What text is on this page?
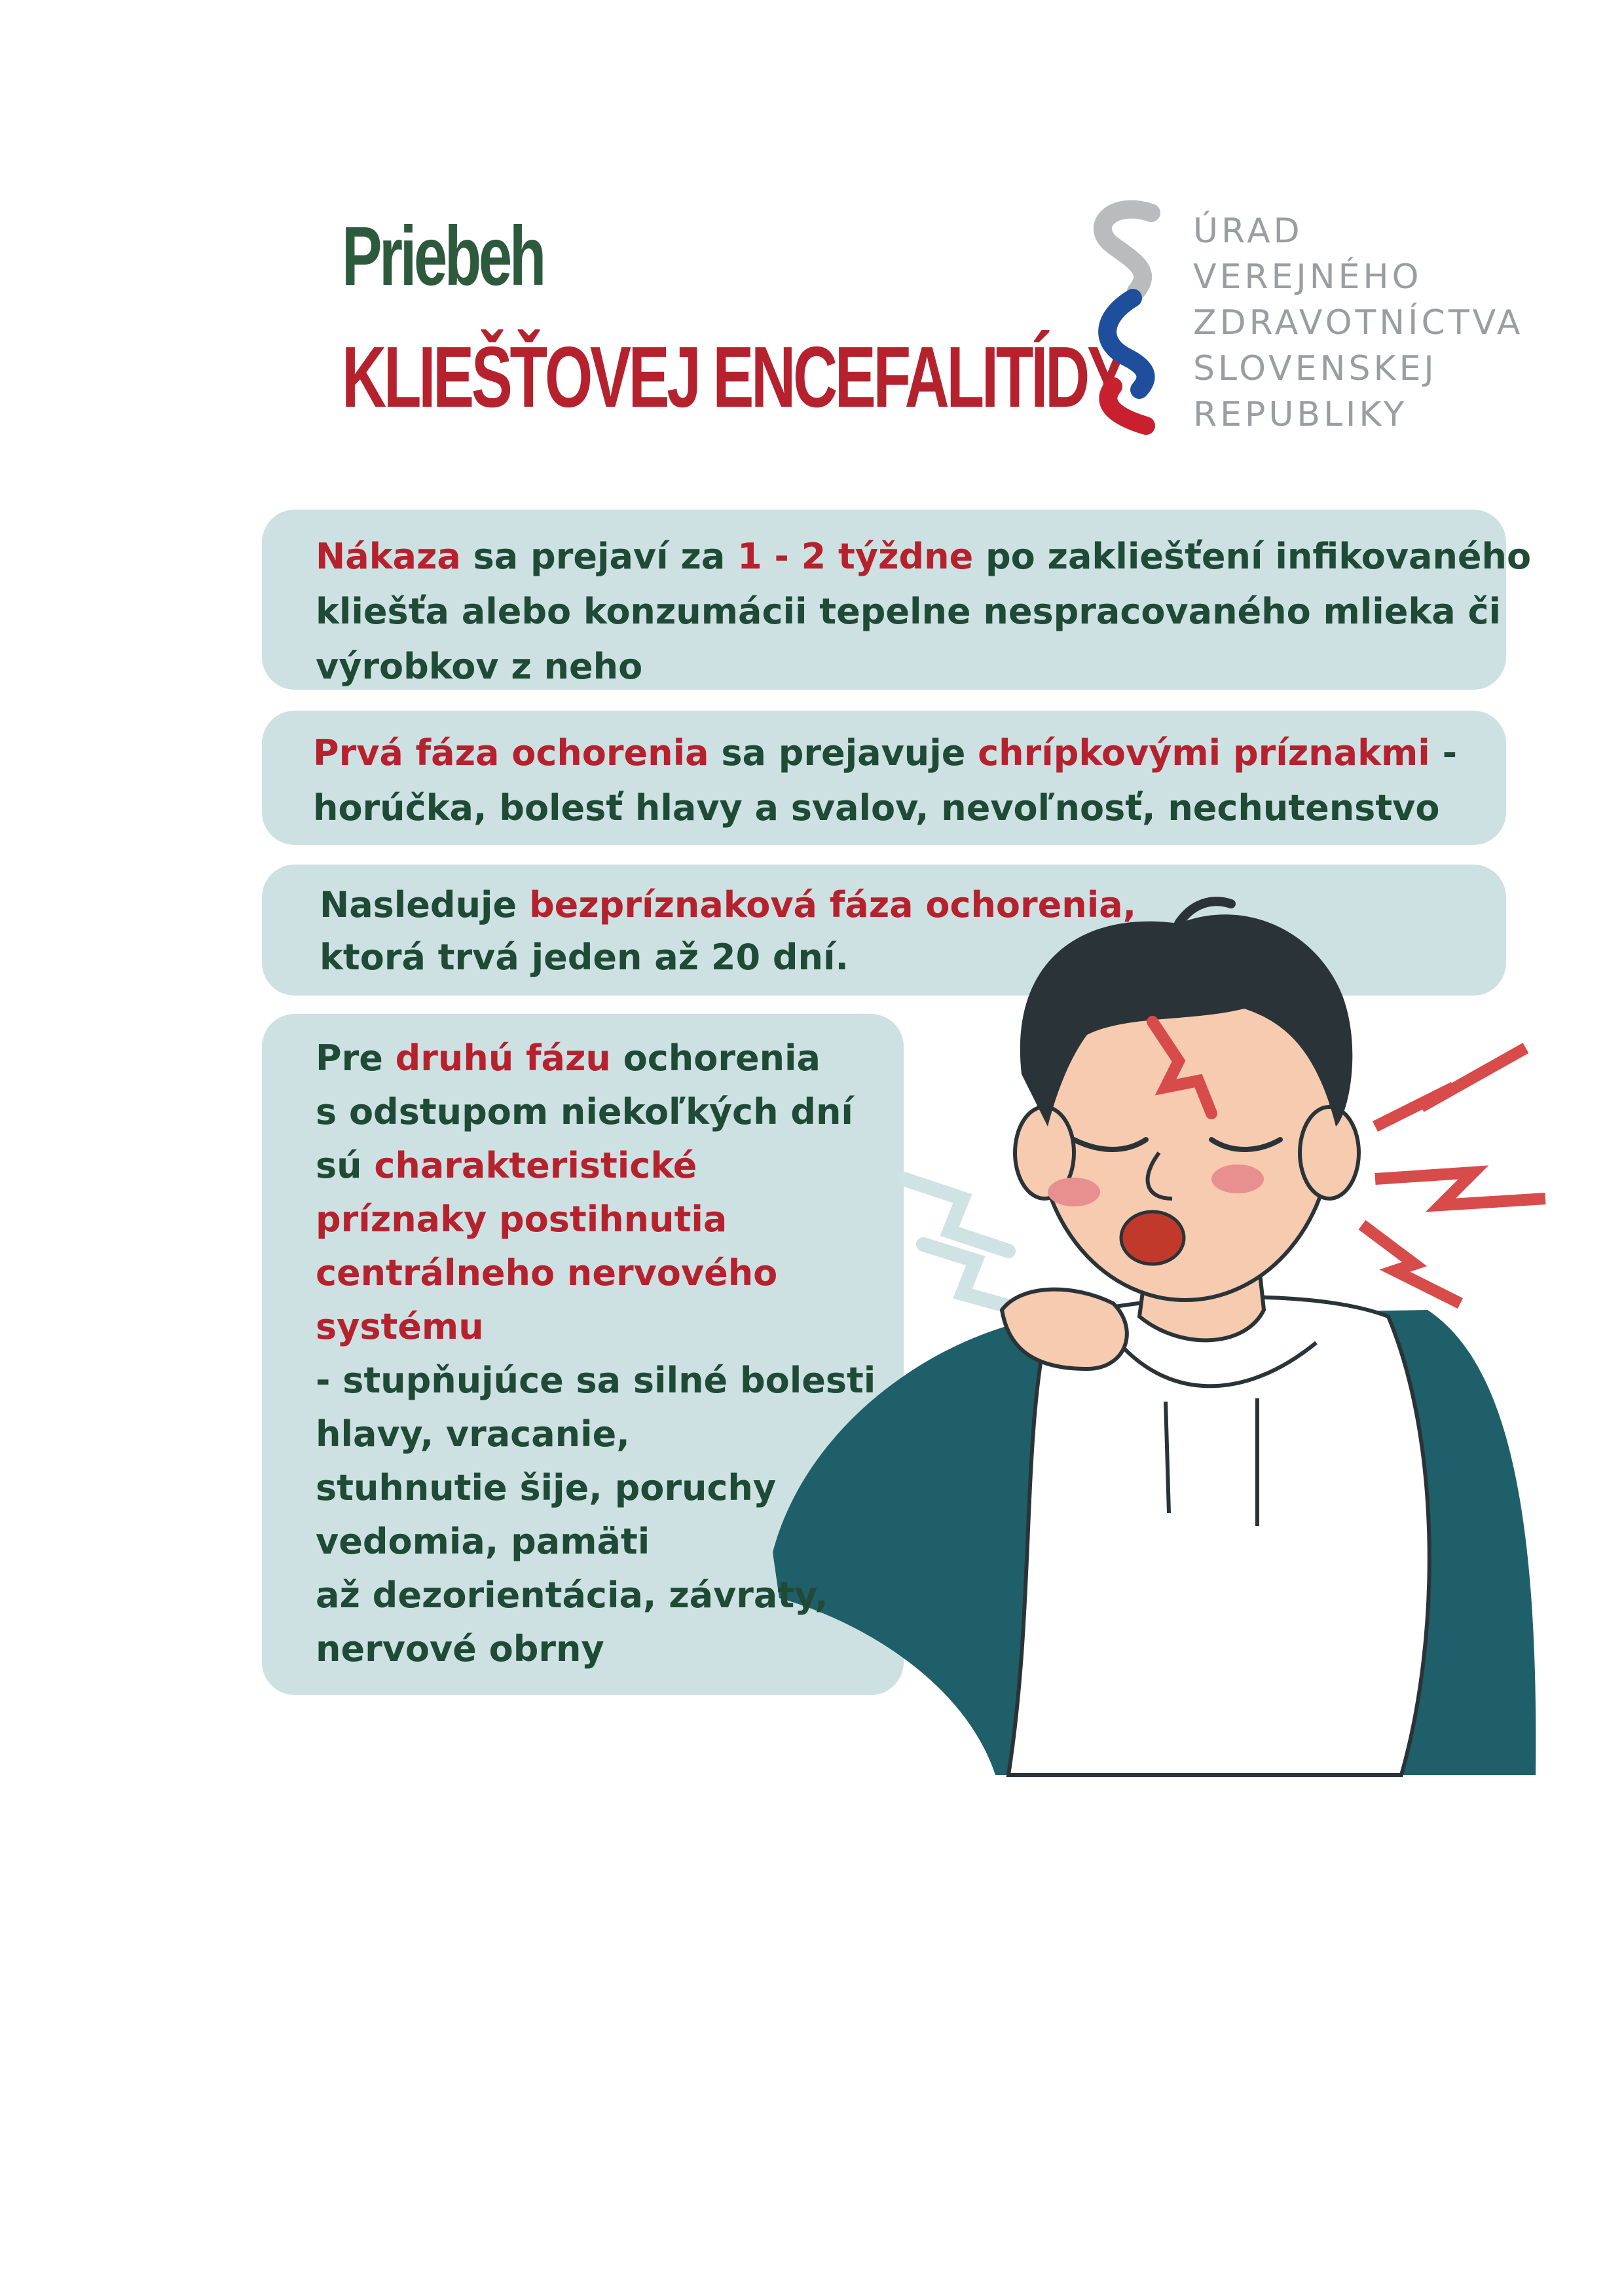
Priebeh
KLIEŠŤOVEJ ENCEFALITÍDY
ÚRAD
VEREJNÉHO
ZDRAVOTNÍCTVA
SLOVENSKEJ
REPUBLIKY
Nákaza sa prejaví za 1 - 2 týždne po zakliešťení infikovaného
kliešťa alebo konzumácii tepelne nespracovaného mlieka či
výrobkov z neho
Prvá fáza ochorenia sa prejavuje chrípkovými príznakmi -
horúčka, bolesť hlavy a svalov, nevoľnosť, nechutenstvo
Nasleduje bezpríznaková fáza ochorenia,
ktorá trvá jeden až 20 dní.
Pre druhú fázu ochorenia
s odstupom niekoľkých dní
sú charakteristické
príznaky postihnutia
centrálneho nervového
systému
- stupňujúce sa silné bolesti
hlavy, vracanie,
stuhnutie šije, poruchy
vedomia, pamäti
až dezorientácia, závraty,
nervové obrny
